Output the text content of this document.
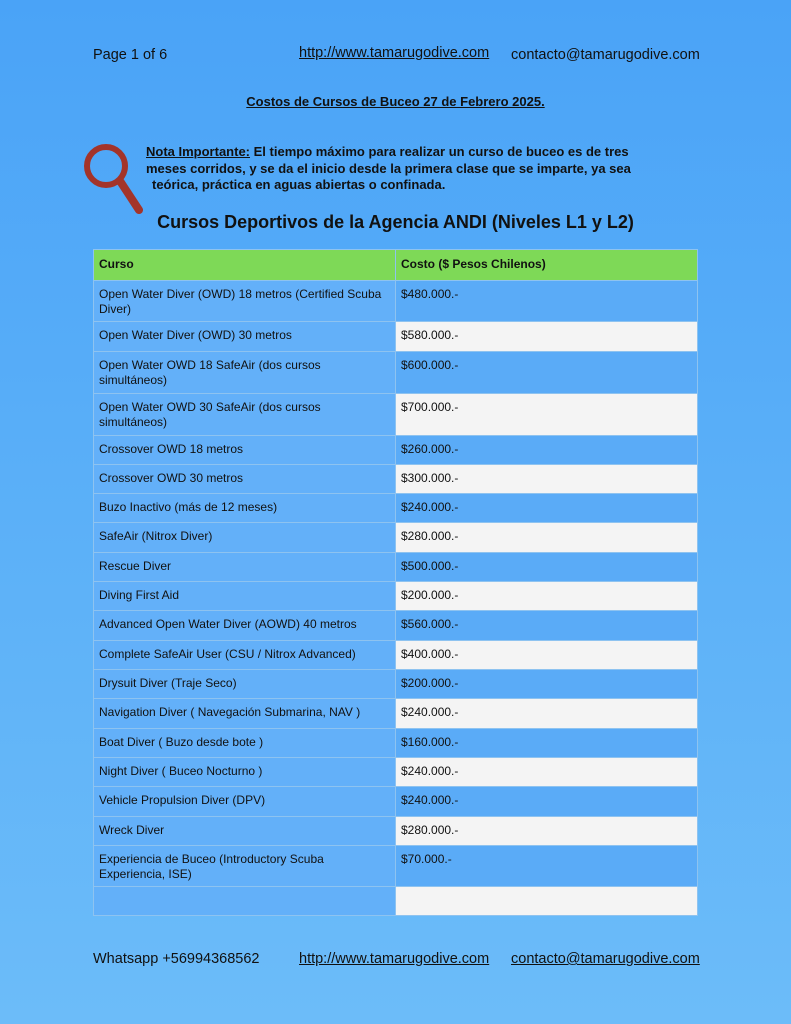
Page 1 of 6	http://www.tamarugodive.com contacto@tamarugodive.com
Costos de Cursos de Buceo 27 de Febrero 2025.
Nota Importante: El tiempo máximo para realizar un curso de buceo es de tres
meses corridos, y se da el inicio desde la primera clase que se imparte, ya sea
teórica, práctica en aguas abiertas o confinada.
Cursos Deportivos de la Agencia ANDI (Niveles L1 y L2)
Curso	Costo ($ Pesos Chilenos)
Open Water Diver (OWD) 18 metros (Certified Scuba Diver)	$480.000.-
Open Water Diver (OWD) 30 metros	$580.000.-
Open Water OWD 18 SafeAir (dos cursos simultáneos)	$600.000.-
Open Water OWD 30 SafeAir (dos cursos simultáneos)	$700.000.-
Crossover OWD 18 metros	$260.000.-
Crossover OWD 30 metros	$300.000.-
Buzo Inactivo (más de 12 meses)	$240.000.-
SafeAir (Nitrox Diver)	$280.000.-
Rescue Diver	$500.000.-
Diving First Aid	$200.000.-
Advanced Open Water Diver (AOWD) 40 metros	$560.000.-
Complete SafeAir User (CSU / Nitrox Advanced)	$400.000.-
Drysuit Diver (Traje Seco)	$200.000.-
Navigation Diver ( Navegación Submarina, NAV )	$240.000.-
Boat Diver ( Buzo desde bote )	$160.000.-
Night Diver ( Buceo Nocturno )	$240.000.-
Vehicle Propulsion Diver (DPV)	$240.000.-
Wreck Diver	$280.000.-
Experiencia de Buceo (Introductory Scuba Experiencia, ISE)	$70.000.-

Whatsapp +56994368562	http://www.tamarugodive.com contacto@tamarugodive.com
